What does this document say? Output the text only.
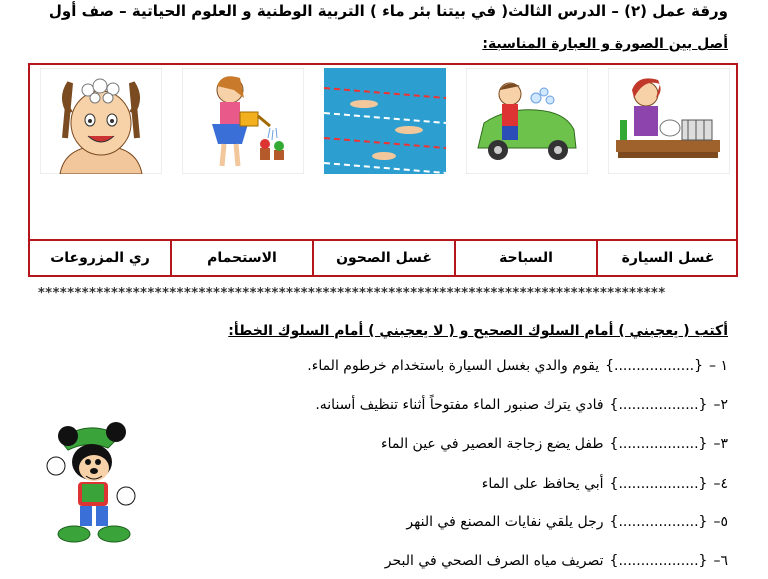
ورقة عمل (٢) – الدرس الثالث( في بيتنا بئر ماء ) التربية الوطنية و العلوم الحياتية – صف أول
أصل بين الصورة و العبارة المناسبة:
غسل السيارة
السباحة
غسل الصحون
الاستحمام
ري المزروعات
**************************************************************************************
أكتب ( يعجبني ) أمام السلوك الصحيح و ( لا يعجبني ) أمام السلوك الخطأ:
١ –{..................}يقوم والدي بغسل السيارة باستخدام خرطوم الماء.
٢–{..................}فادي يترك صنبور الماء مفتوحاً أثناء تنظيف أسنانه.
٣–{..................}طفل يضع زجاجة العصير في عين الماء
٤–{..................}أبي يحافظ على الماء
٥–{..................}رجل يلقي نفايات المصنع في النهر
٦–{..................}تصريف مياه الصرف الصحي في البحر
